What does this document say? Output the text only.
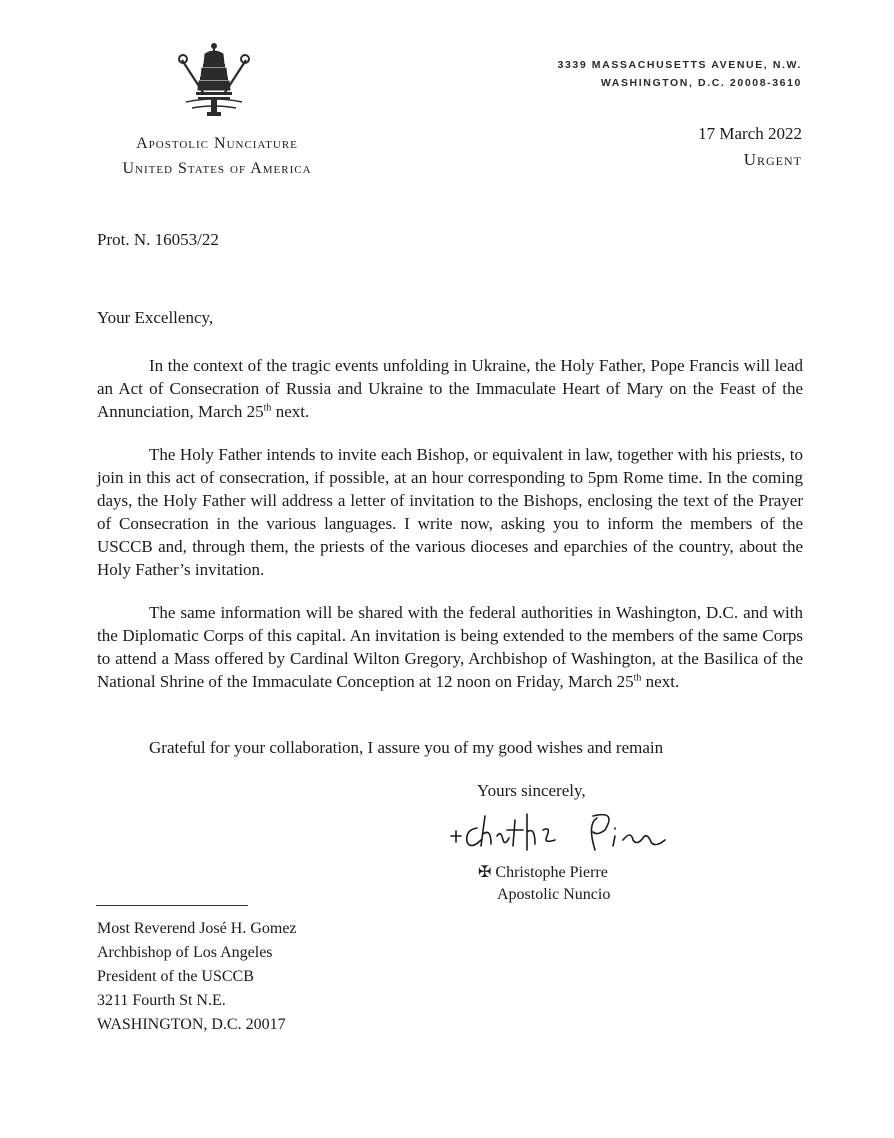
Apostolic Nunciature
United States of America
3339 MASSACHUSETTS AVENUE, N.W.
WASHINGTON, D.C. 20008-3610
17 March 2022
Urgent
Prot. N. 16053/22
Your Excellency,
In the context of the tragic events unfolding in Ukraine, the Holy Father, Pope Francis will lead an Act of Consecration of Russia and Ukraine to the Immaculate Heart of Mary on the Feast of the Annunciation, March 25th next.
The Holy Father intends to invite each Bishop, or equivalent in law, together with his priests, to join in this act of consecration, if possible, at an hour corresponding to 5pm Rome time. In the coming days, the Holy Father will address a letter of invitation to the Bishops, enclosing the text of the Prayer of Consecration in the various languages. I write now, asking you to inform the members of the USCCB and, through them, the priests of the various dioceses and eparchies of the country, about the Holy Father’s invitation.
The same information will be shared with the federal authorities in Washington, D.C. and with the Diplomatic Corps of this capital. An invitation is being extended to the members of the same Corps to attend a Mass offered by Cardinal Wilton Gregory, Archbishop of Washington, at the Basilica of the National Shrine of the Immaculate Conception at 12 noon on Friday, March 25th next.
Grateful for your collaboration, I assure you of my good wishes and remain
Yours sincerely,
✠ Christophe Pierre
Apostolic Nuncio
Most Reverend José H. Gomez
Archbishop of Los Angeles
President of the USCCB
3211 Fourth St N.E.
WASHINGTON, D.C. 20017
